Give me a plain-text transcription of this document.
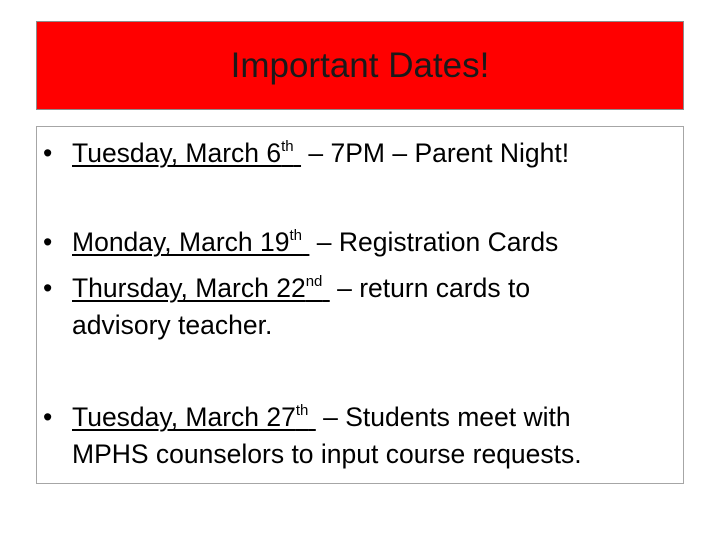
Important Dates!
• Tuesday, March 6th  – 7PM – Parent Night!
• Monday, March 19th  – Registration Cards
• Thursday, March 22nd  – return cards to
advisory teacher.
• Tuesday, March 27th  – Students meet with
MPHS counselors to input course requests.
